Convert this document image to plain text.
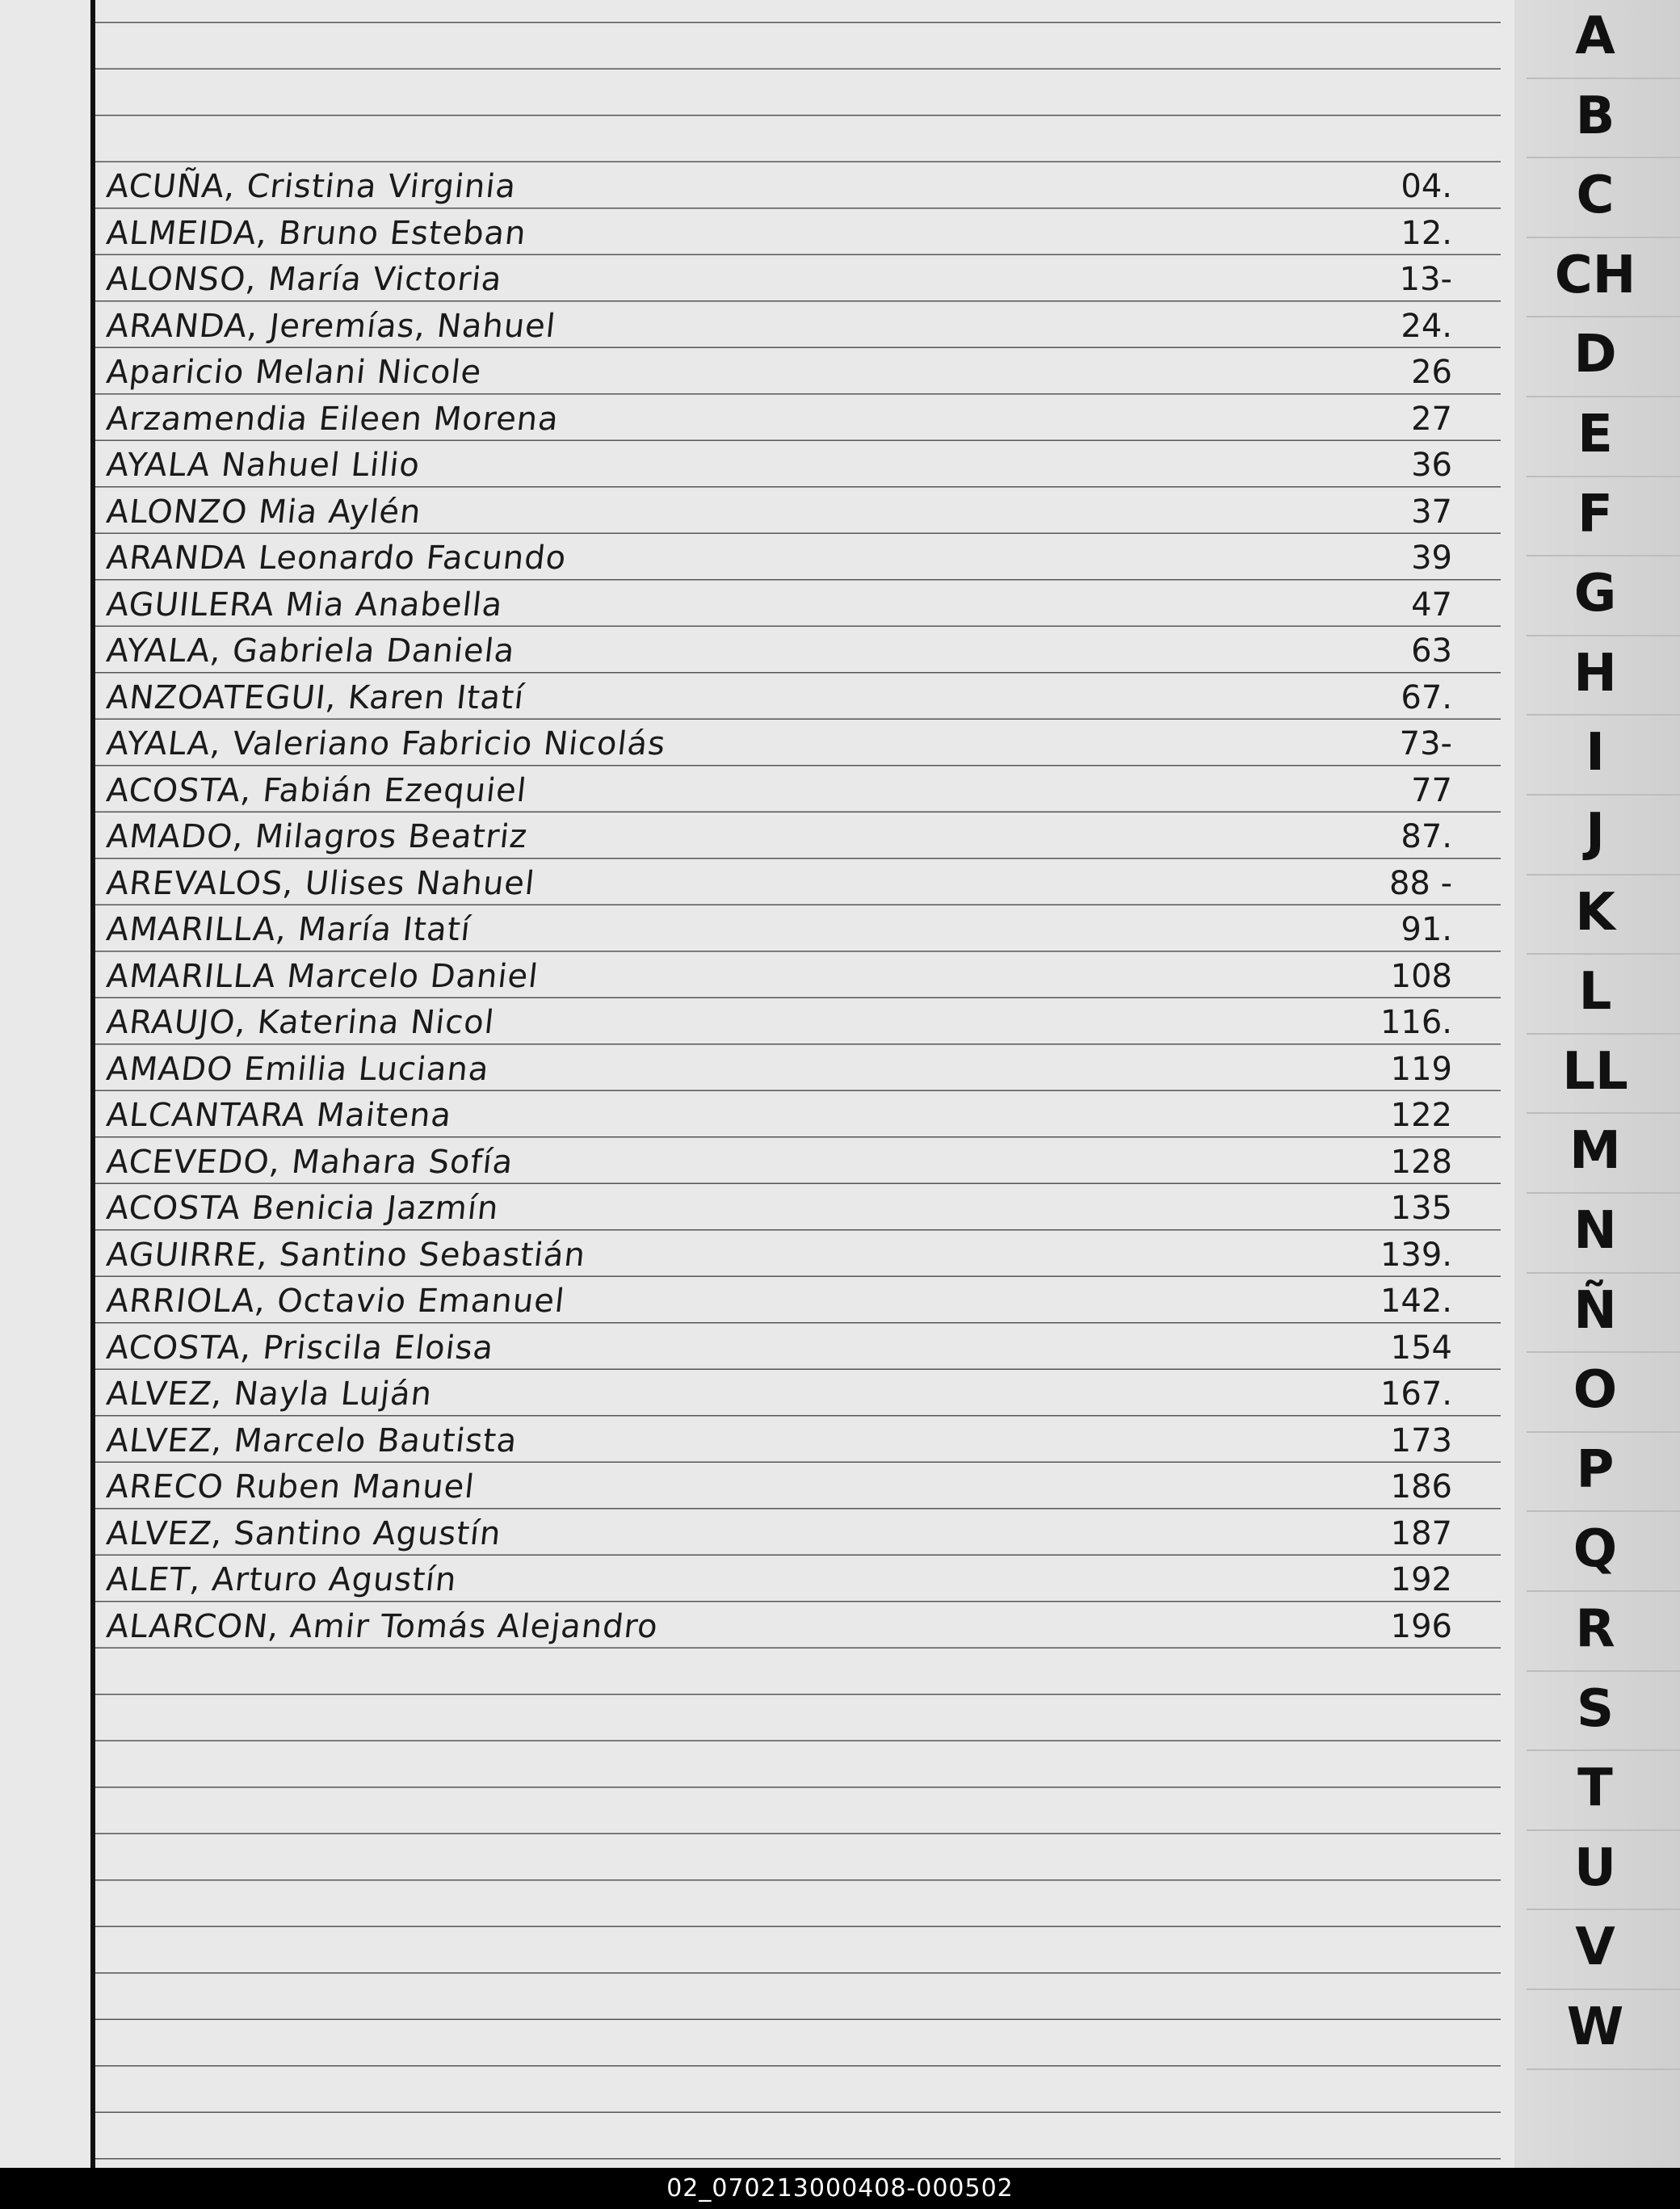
ACUÑA, Cristina Virginia	04.
ALMEIDA, Bruno Esteban	12.
ALONSO, María Victoria	13-
ARANDA, Jeremías, Nahuel	24.
Aparicio Melani Nicole	26
Arzamendia Eileen Morena	27
AYALA Nahuel Lilio	36
ALONZO Mia Aylén	37
ARANDA Leonardo Facundo	39
AGUILERA Mia Anabella	47
AYALA, Gabriela Daniela	63
ANZOATEGUI, Karen Itatí	67.
AYALA, Valeriano Fabricio Nicolás	73-
ACOSTA, Fabián Ezequiel	77
AMADO, Milagros Beatriz	87.
AREVALOS, Ulises Nahuel	88 -
AMARILLA, María Itatí	91.
AMARILLA Marcelo Daniel	108
ARAUJO, Katerina Nicol	116.
AMADO Emilia Luciana	119
ALCANTARA Maitena	122
ACEVEDO, Mahara Sofía	128
ACOSTA Benicia Jazmín	135
AGUIRRE, Santino Sebastián	139.
ARRIOLA, Octavio Emanuel	142.
ACOSTA, Priscila Eloisa	154
ALVEZ, Nayla Luján	167.
ALVEZ, Marcelo Bautista	173
ARECO Ruben Manuel	186
ALVEZ, Santino Agustín	187
ALET, Arturo Agustín	192
ALARCON, Amir Tomás Alejandro	196
A
B
C
CH
D
E
F
G
H
I
J
K
L
LL
M
N
Ñ
O
P
Q
R
S
T
U
V
W
02_070213000408-000502
